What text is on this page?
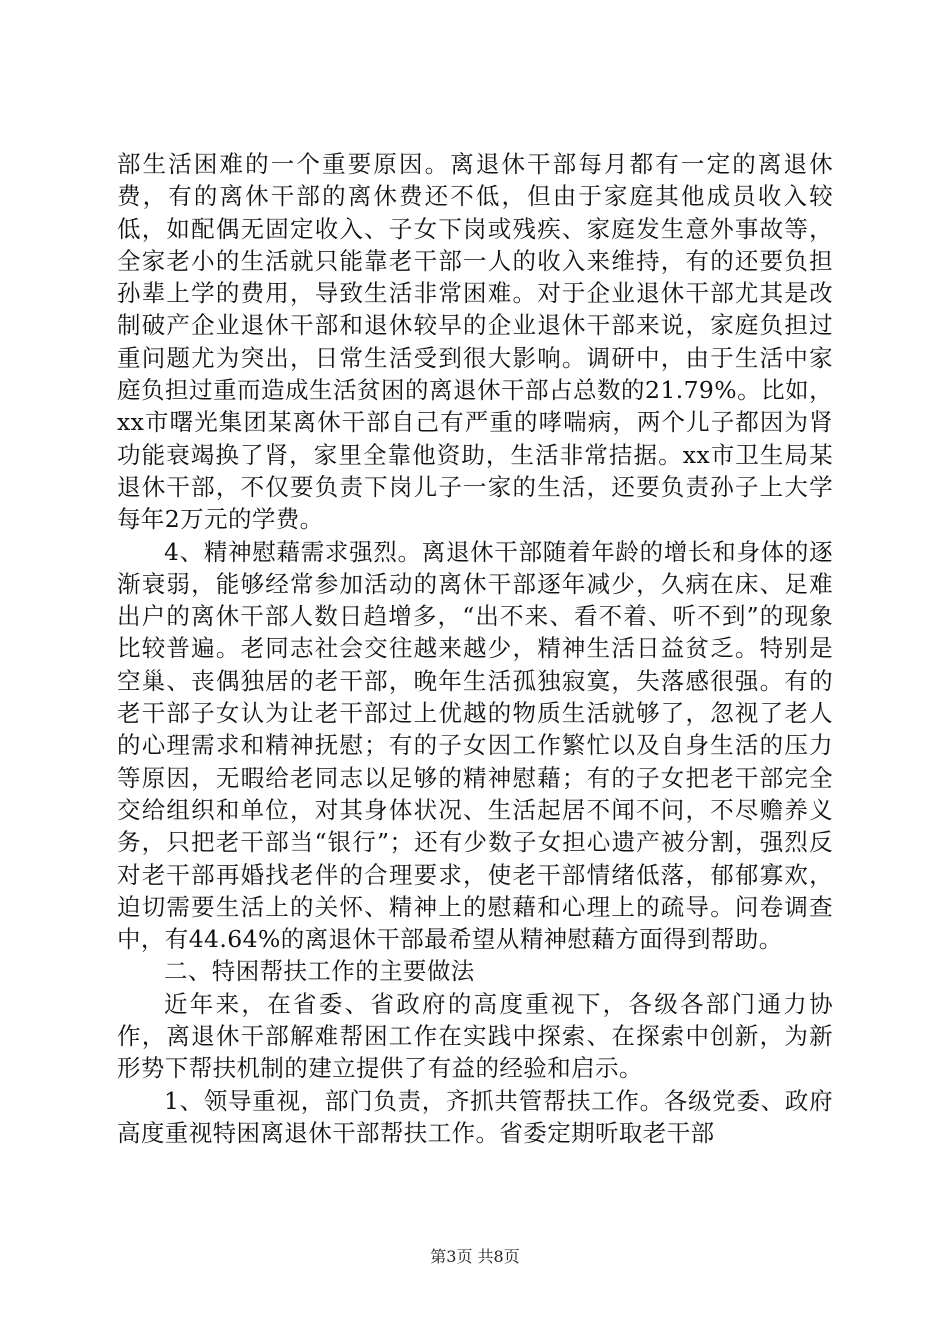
部生活困难的一个重要原因。离退休干部每月都有一定的离退休费，有的离休干部的离休费还不低，但由于家庭其他成员收入较低，如配偶无固定收入、子女下岗或残疾、家庭发生意外事故等，全家老小的生活就只能靠老干部一人的收入来维持，有的还要负担孙辈上学的费用，导致生活非常困难。对于企业退休干部尤其是改制破产企业退休干部和退休较早的企业退休干部来说，家庭负担过重问题尤为突出，日常生活受到很大影响。调研中，由于生活中家庭负担过重而造成生活贫困的离退休干部占总数的21.79%。比如，xx市曙光集团某离休干部自己有严重的哮喘病，两个儿子都因为肾功能衰竭换了肾，家里全靠他资助，生活非常拮据。xx市卫生局某退休干部，不仅要负责下岗儿子一家的生活，还要负责孙子上大学每年2万元的学费。

4、精神慰藉需求强烈。离退休干部随着年龄的增长和身体的逐渐衰弱，能够经常参加活动的离休干部逐年减少，久病在床、足难出户的离休干部人数日趋增多，“出不来、看不着、听不到”的现象比较普遍。老同志社会交往越来越少，精神生活日益贫乏。特别是空巢、丧偶独居的老干部，晚年生活孤独寂寞，失落感很强。有的老干部子女认为让老干部过上优越的物质生活就够了，忽视了老人的心理需求和精神抚慰；有的子女因工作繁忙以及自身生活的压力等原因，无暇给老同志以足够的精神慰藉；有的子女把老干部完全交给组织和单位，对其身体状况、生活起居不闻不问，不尽赡养义务，只把老干部当“银行”；还有少数子女担心遗产被分割，强烈反对老干部再婚找老伴的合理要求，使老干部情绪低落，郁郁寡欢，迫切需要生活上的关怀、精神上的慰藉和心理上的疏导。问卷调查中，有44.64%的离退休干部最希望从精神慰藉方面得到帮助。

二、特困帮扶工作的主要做法

近年来，在省委、省政府的高度重视下，各级各部门通力协作，离退休干部解难帮困工作在实践中探索、在探索中创新，为新形势下帮扶机制的建立提供了有益的经验和启示。

1、领导重视，部门负责，齐抓共管帮扶工作。各级党委、政府高度重视特困离退休干部帮扶工作。省委定期听取老干部

第3页 共8页
